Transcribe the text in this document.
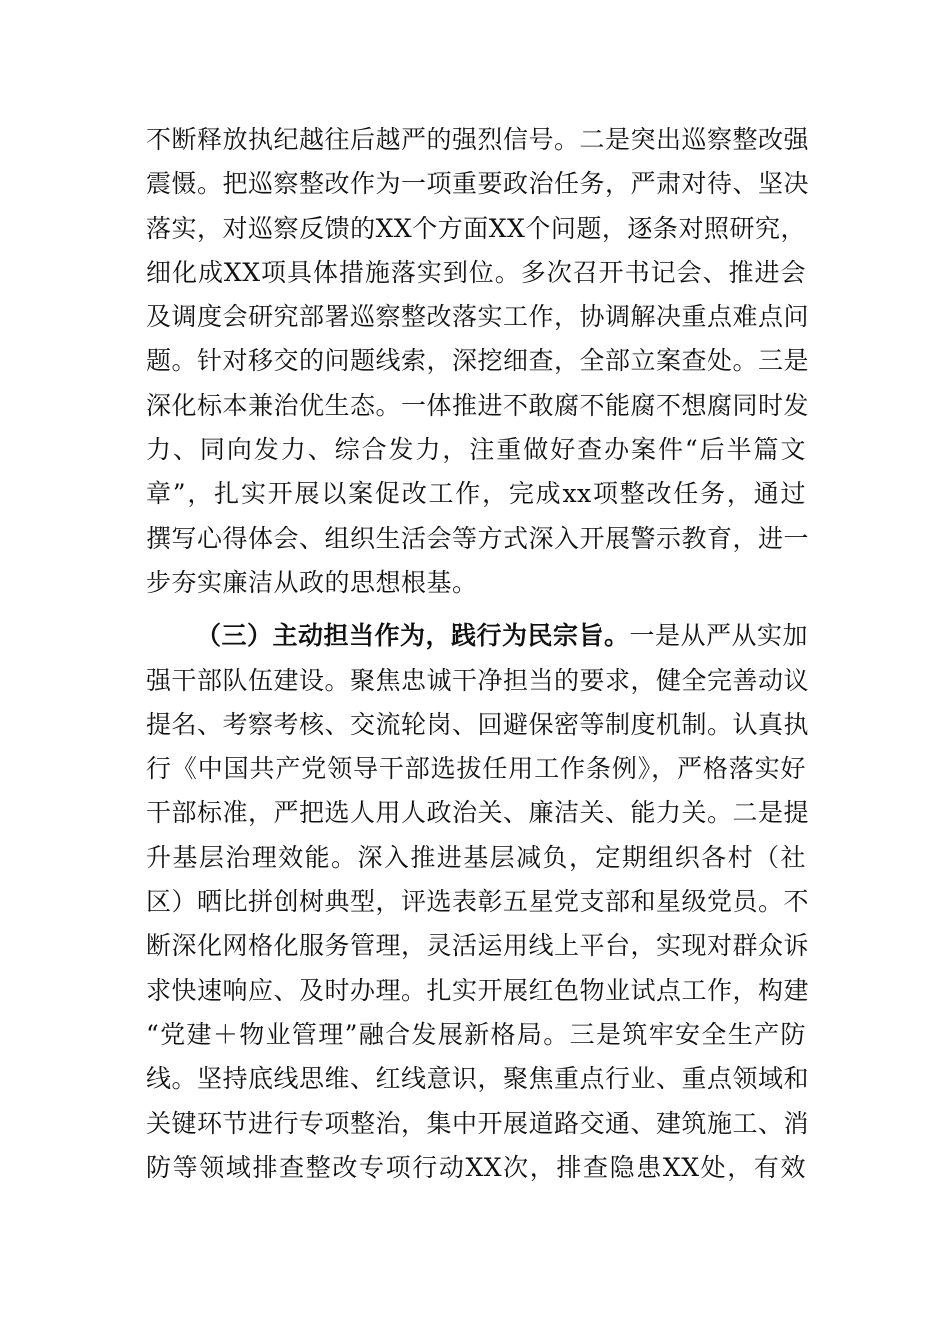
不断释放执纪越往后越严的强烈信号。二是突出巡察整改强
震慑。把巡察整改作为一项重要政治任务，严肃对待、坚决
落实，对巡察反馈的XX个方面XX个问题，逐条对照研究，
细化成XX项具体措施落实到位。多次召开书记会、推进会
及调度会研究部署巡察整改落实工作，协调解决重点难点问
题。针对移交的问题线索，深挖细查，全部立案查处。三是
深化标本兼治优生态。一体推进不敢腐不能腐不想腐同时发
力、同向发力、综合发力，注重做好查办案件“后半篇文
章”，扎实开展以案促改工作，完成xx项整改任务，通过
撰写心得体会、组织生活会等方式深入开展警示教育，进一
步夯实廉洁从政的思想根基。
（三）主动担当作为，践行为民宗旨。一是从严从实加
强干部队伍建设。聚焦忠诚干净担当的要求，健全完善动议
提名、考察考核、交流轮岗、回避保密等制度机制。认真执
行《中国共产党领导干部选拔任用工作条例》，严格落实好
干部标准，严把选人用人政治关、廉洁关、能力关。二是提
升基层治理效能。深入推进基层减负，定期组织各村（社
区）晒比拼创树典型，评选表彰五星党支部和星级党员。不
断深化网格化服务管理，灵活运用线上平台，实现对群众诉
求快速响应、及时办理。扎实开展红色物业试点工作，构建
“党建＋物业管理”融合发展新格局。三是筑牢安全生产防
线。坚持底线思维、红线意识，聚焦重点行业、重点领域和
关键环节进行专项整治，集中开展道路交通、建筑施工、消
防等领域排查整改专项行动XX次，排查隐患XX处，有效
